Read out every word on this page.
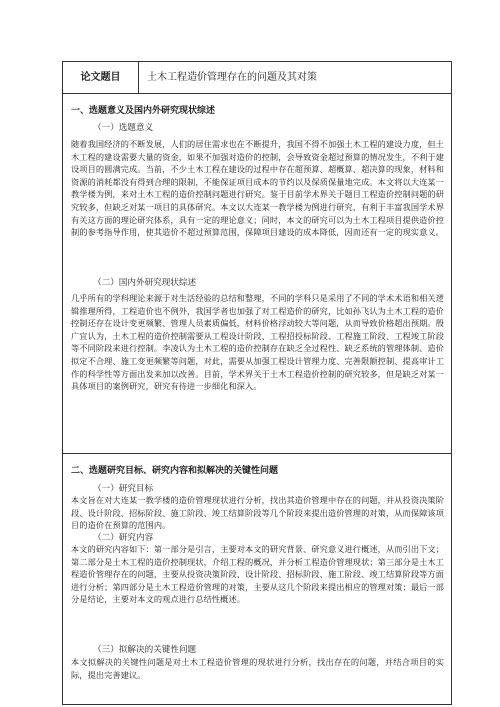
论文题目	土木工程造价管理存在的问题及其对策
一、选题意义及国内外研究现状综述
（一）选题意义
随着我国经济的不断发展，人们的居住需求也在不断提升，我国不得不加强土木工程的建设力度，但土木工程的建设需要大量的资金，如果不加强对造价的控制，会导致资金超过预算的情况发生，不利于建设项目的圆满完成。当前，不少土木工程在建设的过程中存在超预算、超概算、超决算的现象，材料和资源的消耗都没有得到合理的限制，不能保证项目成本的节约以及保质保量地完成。本文将以大连某一教学楼为例，来对土木工程的造价控制问题进行研究。鉴于目前学术界关于题目工程造价控制问题的研究较多，但缺乏对某一项目的具体研究。本文以大连某一教学楼为例进行研究，有利于丰富我国学术界有关这方面的理论研究体系，具有一定的理论意义；同时，本文的研究可以为土木工程项目提供造价控制的参考指导作用，使其造价不超过预算范围，保障项目建设的成本降低，因而还有一定的现实意义。
（二）国内外研究现状综述
几乎所有的学科理论来源于对生活经验的总结和整理，不同的学科只是采用了不同的学术术语和相关逻辑推理所得，工程造价也不例外，我国学者也加强了对工程造价的研究，比如孙飞认为土木工程的造价控制还存在设计变更频繁、管理人员素质偏低，材料价格浮动较大等问题，从而导致价格超出预期。殷广宜认为，土木工程的造价控制需要从工程设计阶段、工程招投标阶段、工程施工阶段、工程竣工阶段等不同阶段来进行控制。李凌认为土木工程的造价控制存在缺乏全过程性、缺乏系统的管理体制、造价拟定不合理、施工变更频繁等问题，对此，需要从加强工程设计管理力度、完善限额控制、提高审计工作的科学性等方面出发来加以改善。目前，学术界关于土木工程造价控制的研究较多，但是缺乏对某一具体项目的案例研究，研究有待进一步细化和深入。
二、选题研究目标、研究内容和拟解决的关键性问题
（一）研究目标
本文旨在对大连某一教学楼的造价管理现状进行分析，找出其造价管理中存在的问题，并从投资决策阶段、设计阶段、招标阶段、施工阶段、竣工结算阶段等几个阶段来提出造价管理的对策，从而保障该项目的造价在预算的范围内。
（二）研究内容
本文的研究内容如下：第一部分是引言，主要对本文的研究背景、研究意义进行概述，从而引出下文；第二部分是土木工程的造价控制现状，介绍工程的概况，并分析工程造价管理现状；第三部分是土木工程造价管理存在的问题，主要从投资决策阶段、设计阶段、招标阶段、施工阶段、竣工结算阶段等方面进行分析；第四部分是土木工程造价管理的对策，主要从这几个阶段来提出相应的管理对策；最后一部分是结论，主要对本文的观点进行总结性概述。
（三）拟解决的关键性问题
本文拟解决的关键性问题是对土木工程造价管理的现状进行分析，找出存在的问题，并结合项目的实际，提出完善建议。
